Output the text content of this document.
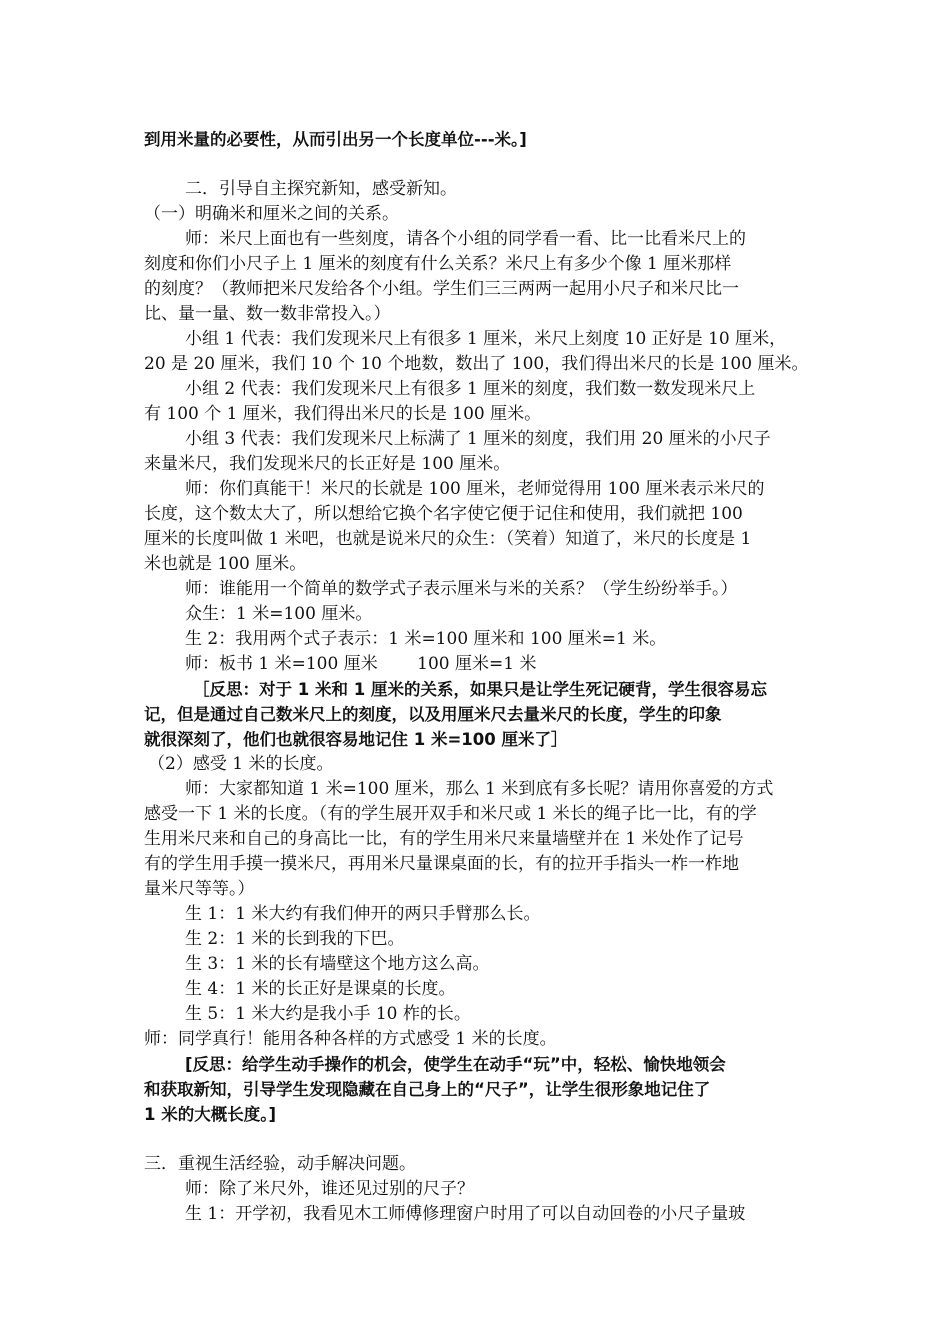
到用米量的必要性，从而引出另一个长度单位---米。]
二．引导自主探究新知，感受新知。
（一）明确米和厘米之间的关系。
师：米尺上面也有一些刻度，请各个小组的同学看一看、比一比看米尺上的
刻度和你们小尺子上 1 厘米的刻度有什么关系？米尺上有多少个像 1 厘米那样
的刻度？（教师把米尺发给各个小组。学生们三三两两一起用小尺子和米尺比一
比、量一量、数一数非常投入。）
小组 1 代表：我们发现米尺上有很多 1 厘米，米尺上刻度 10 正好是 10 厘米，
20 是 20 厘米，我们 10 个 10 个地数，数出了 100，我们得出米尺的长是 100 厘米。
小组 2 代表：我们发现米尺上有很多 1 厘米的刻度，我们数一数发现米尺上
有 100 个 1 厘米，我们得出米尺的长是 100 厘米。
小组 3 代表：我们发现米尺上标满了 1 厘米的刻度，我们用 20 厘米的小尺子
来量米尺，我们发现米尺的长正好是 100 厘米。
师：你们真能干！米尺的长就是 100 厘米，老师觉得用 100 厘米表示米尺的
长度，这个数太大了，所以想给它换个名字使它便于记住和使用，我们就把 100
厘米的长度叫做 1 米吧，也就是说米尺的众生：（笑着）知道了，米尺的长度是 1
米也就是 100 厘米。
师：谁能用一个简单的数学式子表示厘米与米的关系？（学生纷纷举手。）
众生：1 米=100 厘米。
生 2：我用两个式子表示：1 米=100 厘米和 100 厘米=1 米。
师：板书 1 米=100 厘米　　 100 厘米=1 米
［反思：对于 1 米和 1 厘米的关系，如果只是让学生死记硬背，学生很容易忘
记，但是通过自己数米尺上的刻度，以及用厘米尺去量米尺的长度，学生的印象
就很深刻了，他们也就很容易地记住 1 米=100 厘米了］
（2）感受 1 米的长度。
师：大家都知道 1 米=100 厘米，那么 1 米到底有多长呢？请用你喜爱的方式
感受一下 1 米的长度。（有的学生展开双手和米尺或 1 米长的绳子比一比，有的学
生用米尺来和自己的身高比一比，有的学生用米尺来量墙壁并在 1 米处作了记号
有的学生用手摸一摸米尺，再用米尺量课桌面的长，有的拉开手指头一柞一柞地
量米尺等等。）
生 1：1 米大约有我们伸开的两只手臂那么长。
生 2：1 米的长到我的下巴。
生 3：1 米的长有墙壁这个地方这么高。
生 4：1 米的长正好是课桌的长度。
生 5：1 米大约是我小手 10 柞的长。
师：同学真行！能用各种各样的方式感受 1 米的长度。
[反思：给学生动手操作的机会，使学生在动手“玩”中，轻松、愉快地领会
和获取新知，引导学生发现隐藏在自己身上的“尺子”，让学生很形象地记住了
1 米的大概长度。]
三．重视生活经验，动手解决问题。
师：除了米尺外，谁还见过别的尺子？
生 1：开学初，我看见木工师傅修理窗户时用了可以自动回卷的小尺子量玻
